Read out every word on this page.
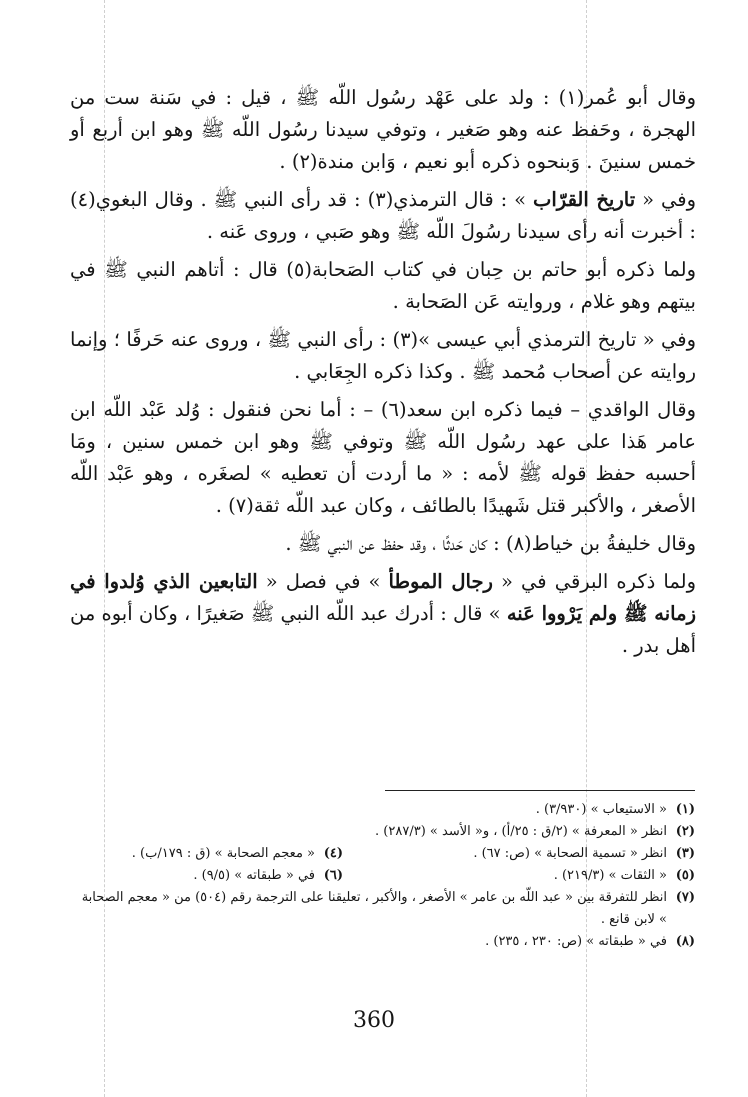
وقال أبو عُمر(١) : ولد على عَهْد رسُول اللّه ﷺ ، قيل : في سَنة ست من الهجرة ، وحَفظ عنه وهو صَغير ، وتوفي سيدنا رسُول اللّه ﷺ وهو ابن أربع أو خمس سنينَ . وَبنحوه ذكره أبو نعيم ، وَابن مندة(٢) .

وفي « تاريخ القرّاب » : قال الترمذي(٣) : قد رأى النبي ﷺ . وقال البغوي(٤) : أخبرت أنه رأى سيدنا رسُولَ اللّه ﷺ وهو صَبي ، وروى عَنه .

ولما ذكره أبو حاتم بن حِبان في كتاب الصَحابة(٥) قال : أتاهم النبي ﷺ في بيتهم وهو غلام ، وروايته عَن الصَحابة .

وفي « تاريخ الترمذي أبي عيسى »(٣) : رأى النبي ﷺ ، وروى عنه حَرفًا ؛ وإنما روايته عن أصحاب مُحمد ﷺ . وكذا ذكره الجِعَابي .

وقال الواقدي – فيما ذكره ابن سعد(٦) – : أما نحن فنقول : وُلد عَبْد اللّه ابن عامر هَذا على عهد رسُول اللّه ﷺ وتوفي ﷺ وهو ابن خمس سنين ، ومَا أحسبه حفظ قوله ﷺ لأمه : « ما أردت أن تعطيه » لصغَره ، وهو عَبْد اللّه الأصغر ، والأكبر قتل شَهيدًا بالطائف ، وكان عبد اللّه ثقة(٧) .

وقال خليفةُ بن خياط(٨) : كان حَدثًا ، وقد حفظ عن النبي ﷺ .

ولما ذكره البرقي في « رجال الموطأ » في فصل « التابعين الذي وُلدوا في زمانه ﷺ ولم يَرْووا عَنه » قال : أدرك عبد اللّه النبي ﷺ صَغيرًا ، وكان أبوه من أهل بدر .

(١)
« الاستيعاب » (٣/٩٣٠) .
(٢)
انظر « المعرفة » (٢/ق : ٢٥/أ) ، و« الأسد » (٢٨٧/٣) .
(٣)
انظر « تسمية الصحابة » (ص: ٦٧) .
(٤)
« معجم الصحابة » (ق : ١٧٩/ب) .
(٥)
« الثقات » (٢١٩/٣) .
(٦)
في « طبقاته » (٩/٥) .
(٧)
انظر للتفرقة بين « عبد اللّه بن عامر » الأصغر ، والأكبر ، تعليقنا على الترجمة رقم (٥٠٤) من « معجم الصحابة » لابن قانع .
(٨)
في « طبقاته » (ص: ٢٣٠ ، ٢٣٥) .
360
